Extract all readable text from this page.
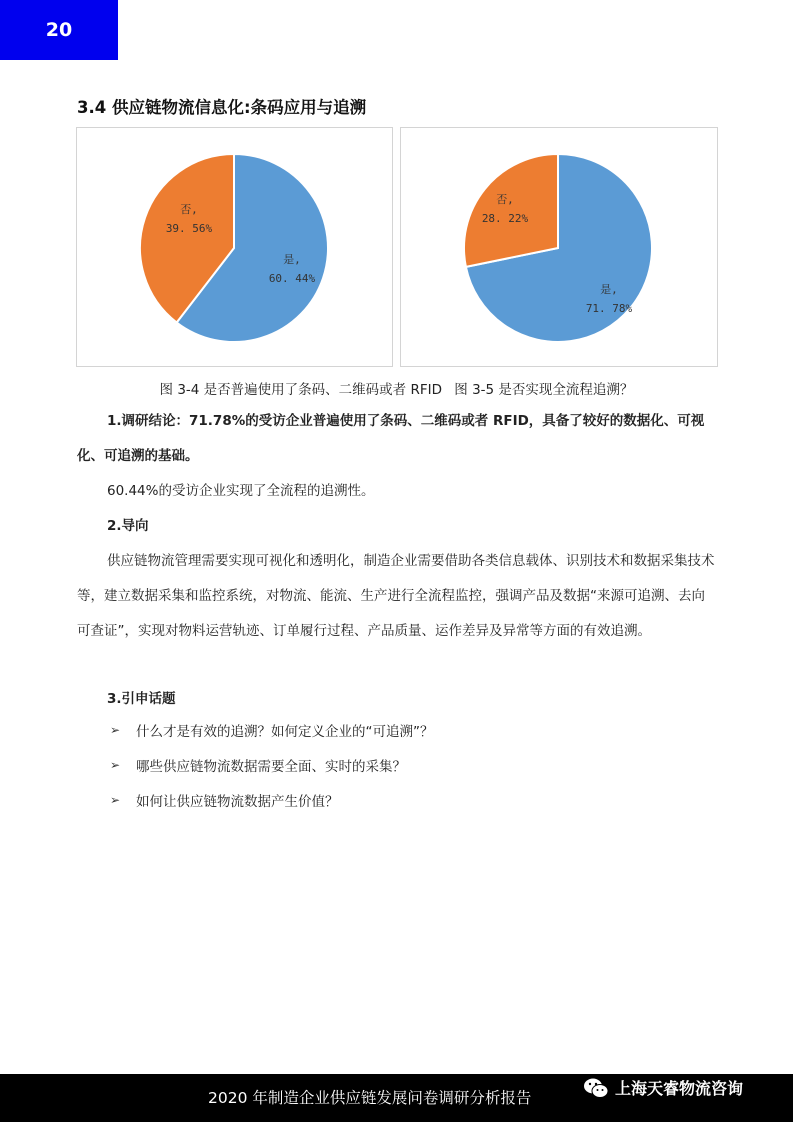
20
3.4 供应链物流信息化:条码应用与追溯
是,
60. 44%
否,
39. 56%
是,
71. 78%
否,
28. 22%
图 3-4 是否普遍使用了条码、二维码或者 RFID 图 3-5 是否实现全流程追溯？
1.调研结论：71.78%的受访企业普遍使用了条码、二维码或者 RFID，具备了较好的数据化、可视化、可追溯的基础。
60.44%的受访企业实现了全流程的追溯性。
2.导向
供应链物流管理需要实现可视化和透明化，制造企业需要借助各类信息载体、识别技术和数据采集技术等，建立数据采集和监控系统，对物流、能流、生产进行全流程监控，强调产品及数据“来源可追溯、去向可查证”，实现对物料运营轨迹、订单履行过程、产品质量、运作差异及异常等方面的有效追溯。
3.引申话题
➢	什么才是有效的追溯？如何定义企业的“可追溯”？
➢	哪些供应链物流数据需要全面、实时的采集？
➢	如何让供应链物流数据产生价值？
2020 年制造企业供应链发展问卷调研分析报告	上海天睿物流咨询
